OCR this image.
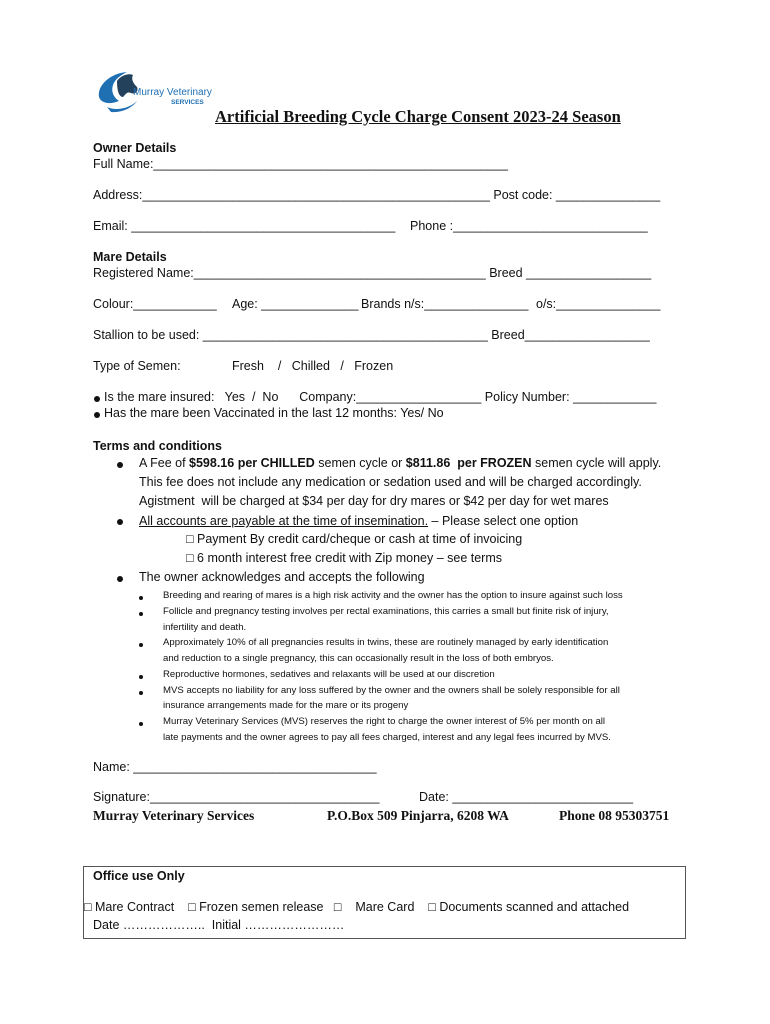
Murray Veterinary
SERVICES
Artificial Breeding Cycle Charge Consent 2023-24 Season
Owner Details
Full Name:___________________________________________________
Address:__________________________________________________ Post code: _______________
Email: ______________________________________ Phone :____________________________
Mare Details
Registered Name:__________________________________________ Breed __________________
Colour:____________ Age: ______________ Brands n/s:_______________ o/s:_______________
Stallion to be used: _________________________________________ Breed__________________
Type of Semen:	Fresh    /   Chilled   /   Frozen
Is the mare insured:   Yes  /  No      Company:__________________ Policy Number: ____________
Has the mare been Vaccinated in the last 12 months: Yes/ No
Terms and conditions
A Fee of $598.16 per CHILLED semen cycle or $811.86  per FROZEN semen cycle will apply.
This fee does not include any medication or sedation used and will be charged accordingly.
Agistment  will be charged at $34 per day for dry mares or $42 per day for wet mares
All accounts are payable at the time of insemination. – Please select one option
□ Payment By credit card/cheque or cash at time of invoicing
□ 6 month interest free credit with Zip money – see terms
The owner acknowledges and accepts the following
Breeding and rearing of mares is a high risk activity and the owner has the option to insure against such loss
Follicle and pregnancy testing involves per rectal examinations, this carries a small but finite risk of injury,
infertility and death.
Approximately 10% of all pregnancies results in twins, these are routinely managed by early identification
and reduction to a single pregnancy, this can occasionally result in the loss of both embryos.
Reproductive hormones, sedatives and relaxants will be used at our discretion
MVS accepts no liability for any loss suffered by the owner and the owners shall be solely responsible for all
insurance arrangements made for the mare or its progeny
Murray Veterinary Services (MVS) reserves the right to charge the owner interest of 5% per month on all
late payments and the owner agrees to pay all fees charged, interest and any legal fees incurred by MVS.
Name: ___________________________________
Signature:_________________________________	Date: __________________________
Murray Veterinary Services	P.O.Box 509 Pinjarra, 6208 WA	Phone 08 95303751
Office use Only
□ Mare Contract    □ Frozen semen release   □    Mare Card    □ Documents scanned and attached
Date ………………..  Initial ……………………
